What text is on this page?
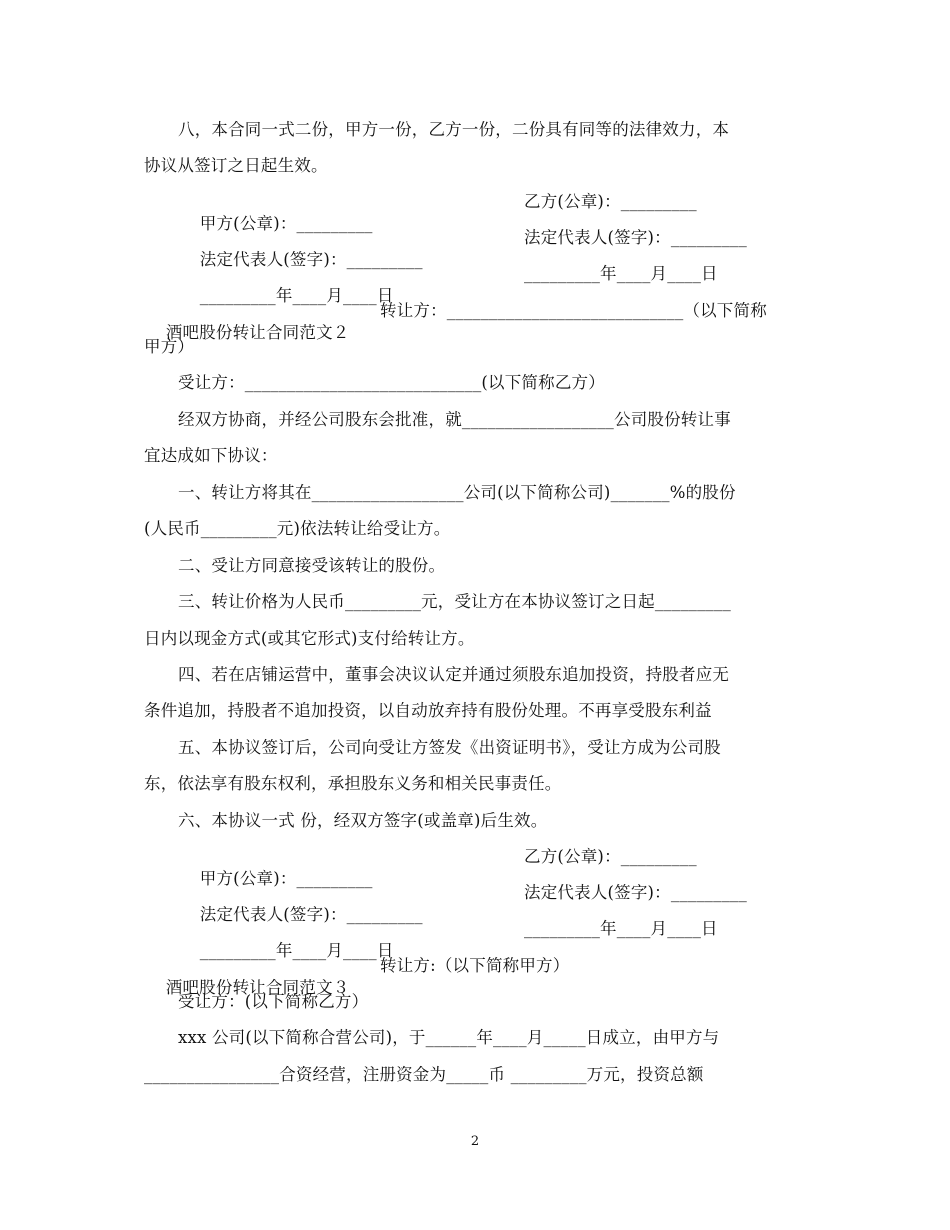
八，本合同一式二份，甲方一份，乙方一份，二份具有同等的法律效力，本
协议从签订之日起生效。

甲方(公章)：_________

乙方(公章)：_________

法定代表人(签字)：_________

法定代表人(签字)：_________

_________年____月____日

_________年____月____日

酒吧股份转让合同范文２

转让方：____________________________（以下简称

甲方）
受让方：____________________________(以下简称乙方）
经双方协商，并经公司股东会批准，就__________________公司股份转让事
宜达成如下协议：
一、转让方将其在__________________公司(以下简称公司)_______%的股份
(人民币_________元)依法转让给受让方。
二、受让方同意接受该转让的股份。
三、转让价格为人民币_________元，受让方在本协议签订之日起_________
日内以现金方式(或其它形式)支付给转让方。
四、若在店铺运营中，董事会决议认定并通过须股东追加投资，持股者应无
条件追加，持股者不追加投资，以自动放弃持有股份处理。不再享受股东利益
五、本协议签订后，公司向受让方签发《出资证明书》，受让方成为公司股
东，依法享有股东权利，承担股东义务和相关民事责任。
六、本协议一式 份，经双方签字(或盖章)后生效。

甲方(公章)：_________

乙方(公章)：_________

法定代表人(签字)：_________

法定代表人(签字)：_________

_________年____月____日

_________年____月____日

酒吧股份转让合同范文３

转让方:（以下简称甲方）

受让方：(以下简称乙方）
xxx 公司(以下简称合营公司)，于______年____月_____日成立，由甲方与
________________合资经营，注册资金为_____币 _________万元，投资总额
2
